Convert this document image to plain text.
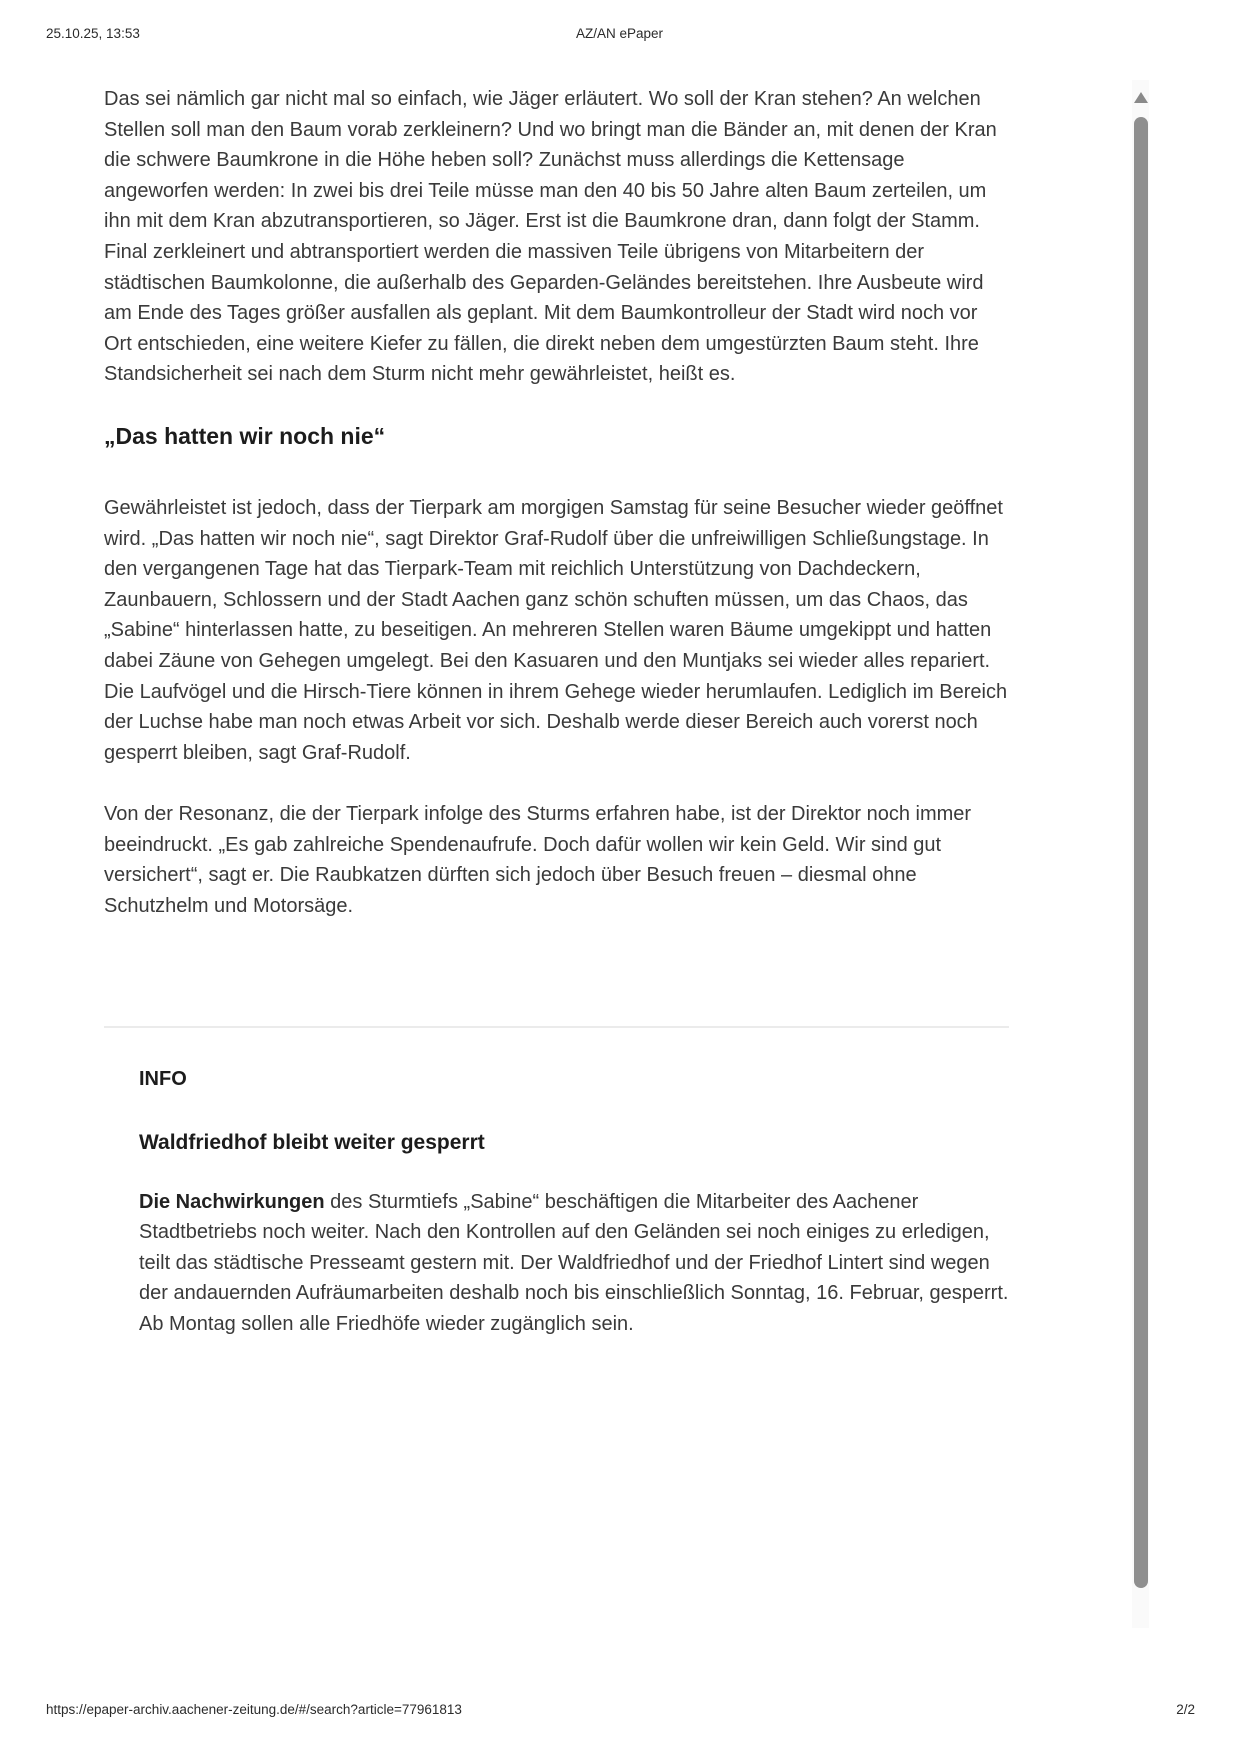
25.10.25, 13:53	AZ/AN ePaper

Das sei nämlich gar nicht mal so einfach, wie Jäger erläutert. Wo soll der Kran stehen? An welchen Stellen soll man den Baum vorab zerkleinern? Und wo bringt man die Bänder an, mit denen der Kran die schwere Baumkrone in die Höhe heben soll? Zunächst muss allerdings die Kettensage angeworfen werden: In zwei bis drei Teile müsse man den 40 bis 50 Jahre alten Baum zerteilen, um ihn mit dem Kran abzutransportieren, so Jäger. Erst ist die Baumkrone dran, dann folgt der Stamm. Final zerkleinert und abtransportiert werden die massiven Teile übrigens von Mitarbeitern der städtischen Baumkolonne, die außerhalb des Geparden-Geländes bereitstehen. Ihre Ausbeute wird am Ende des Tages größer ausfallen als geplant. Mit dem Baumkontrolleur der Stadt wird noch vor Ort entschieden, eine weitere Kiefer zu fällen, die direkt neben dem umgestürzten Baum steht. Ihre Standsicherheit sei nach dem Sturm nicht mehr gewährleistet, heißt es.

„Das hatten wir noch nie“

Gewährleistet ist jedoch, dass der Tierpark am morgigen Samstag für seine Besucher wieder geöffnet wird. „Das hatten wir noch nie“, sagt Direktor Graf-Rudolf über die unfreiwilligen Schließungstage. In den vergangenen Tage hat das Tierpark-Team mit reichlich Unterstützung von Dachdeckern, Zaunbauern, Schlossern und der Stadt Aachen ganz schön schuften müssen, um das Chaos, das „Sabine“ hinterlassen hatte, zu beseitigen. An mehreren Stellen waren Bäume umgekippt und hatten dabei Zäune von Gehegen umgelegt. Bei den Kasuaren und den Muntjaks sei wieder alles repariert. Die Laufvögel und die Hirsch-Tiere können in ihrem Gehege wieder herumlaufen. Lediglich im Bereich der Luchse habe man noch etwas Arbeit vor sich. Deshalb werde dieser Bereich auch vorerst noch gesperrt bleiben, sagt Graf-Rudolf.

Von der Resonanz, die der Tierpark infolge des Sturms erfahren habe, ist der Direktor noch immer beeindruckt. „Es gab zahlreiche Spendenaufrufe. Doch dafür wollen wir kein Geld. Wir sind gut versichert“, sagt er. Die Raubkatzen dürften sich jedoch über Besuch freuen – diesmal ohne Schutzhelm und Motorsäge.

INFO
Waldfriedhof bleibt weiter gesperrt

Die Nachwirkungen des Sturmtiefs „Sabine“ beschäftigen die Mitarbeiter des Aachener Stadtbetriebs noch weiter. Nach den Kontrollen auf den Geländen sei noch einiges zu erledigen, teilt das städtische Presseamt gestern mit. Der Waldfriedhof und der Friedhof Lintert sind wegen der andauernden Aufräumarbeiten deshalb noch bis einschließlich Sonntag, 16. Februar, gesperrt. Ab Montag sollen alle Friedhöfe wieder zugänglich sein.

https://epaper-archiv.aachener-zeitung.de/#/search?article=77961813	2/2
